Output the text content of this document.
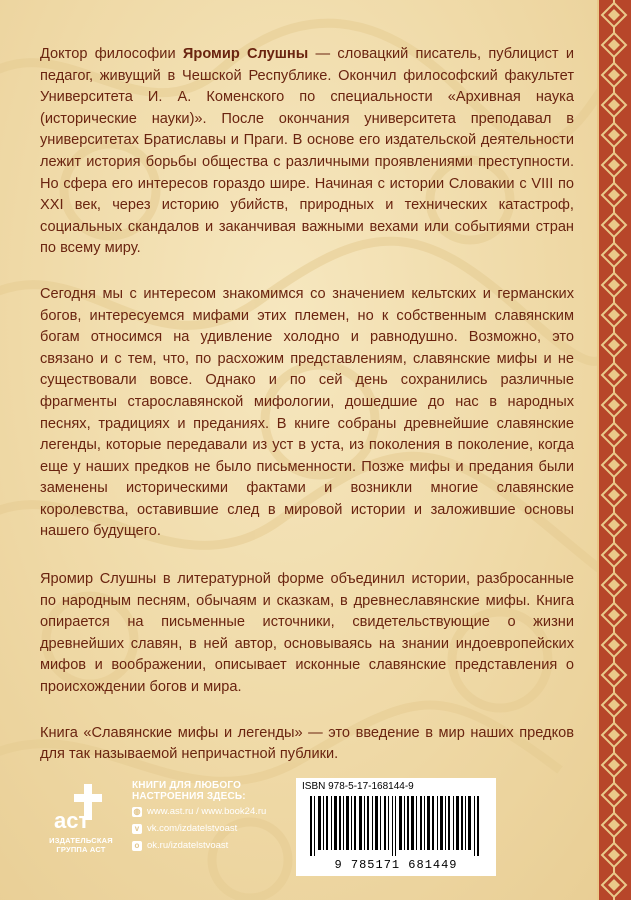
Доктор философии Яромир Слушны — словацкий писатель, публицист и педагог, живущий в Чешской Республике. Окончил философский факультет Университета И. А. Коменского по специальности «Архивная наука (исторические науки)». После окончания университета преподавал в университетах Братиславы и Праги. В основе его издательской деятельности лежит история борьбы общества с различными проявлениями преступности. Но сфера его интересов гораздо шире. Начиная с истории Словакии с VIII по XXI век, через историю убийств, природных и технических катастроф, социальных скандалов и заканчивая важными вехами или событиями стран по всему миру.

Сегодня мы с интересом знакомимся со значением кельтских и германских богов, интересуемся мифами этих племен, но к собственным славянским богам относимся на удивление холодно и равнодушно. Возможно, это связано и с тем, что, по расхожим представлениям, славянские мифы и не существовали вовсе. Однако и по сей день сохранились различные фрагменты старославянской мифологии, дошедшие до нас в народных песнях, традициях и преданиях. В книге собраны древнейшие славянские легенды, которые передавали из уст в уста, из поколения в поколение, когда еще у наших предков не было письменности. Позже мифы и предания были заменены историческими фактами и возникли многие славянские королевства, оставившие след в мировой истории и заложившие основы нашего будущего.

Яромир Слушны в литературной форме объединил истории, разбросанные по народным песням, обычаям и сказкам, в древнеславянские мифы. Книга опирается на письменные источники, свидетельствующие о жизни древнейших славян, в ней автор, основываясь на знании индоевропейских мифов и воображении, описывает исконные славянские представления о происхождении богов и мира.

Книга «Славянские мифы и легенды» — это введение в мир наших предков для так называемой непричастной публики.

аст
ИЗДАТЕЛЬСКАЯ
ГРУППА АСТ
КНИГИ ДЛЯ ЛЮБОГО
НАСТРОЕНИЯ ЗДЕСЬ:
◍ www.ast.ru / www.book24.ru
v vk.com/izdatelstvoast
o ok.ru/izdatelstvoast
ISBN 978-5-17-168144-9
9 785171 681449
